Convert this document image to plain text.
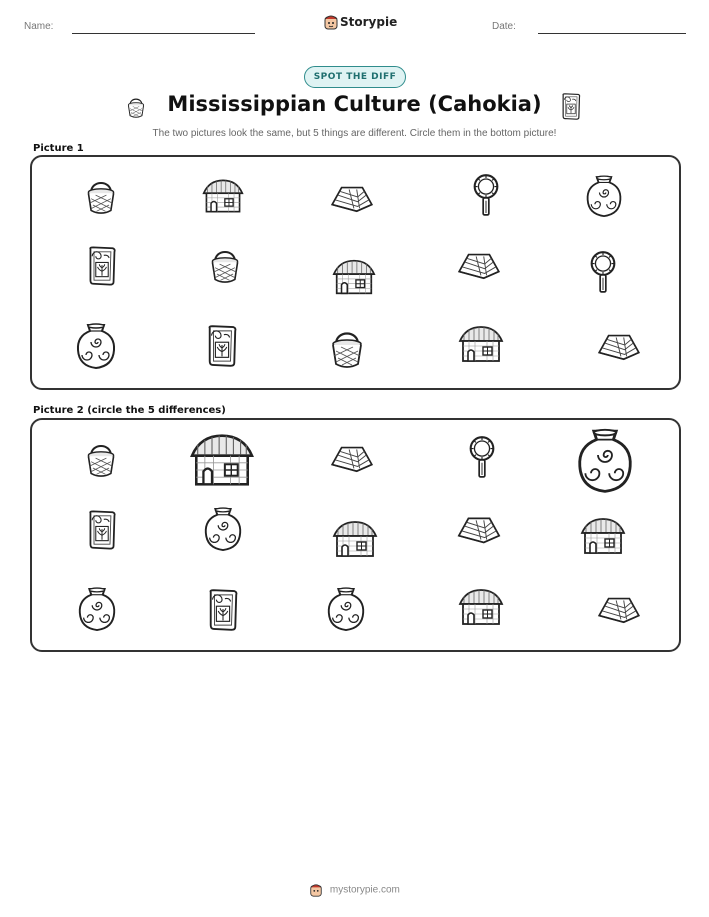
Name:	Storypie	Date:
SPOT THE DIFF
Mississippian Culture (Cahokia)
The two pictures look the same, but 5 things are different. Circle them in the bottom picture!
Picture 1
Picture 2 (circle the 5 differences)
mystorypie.com
